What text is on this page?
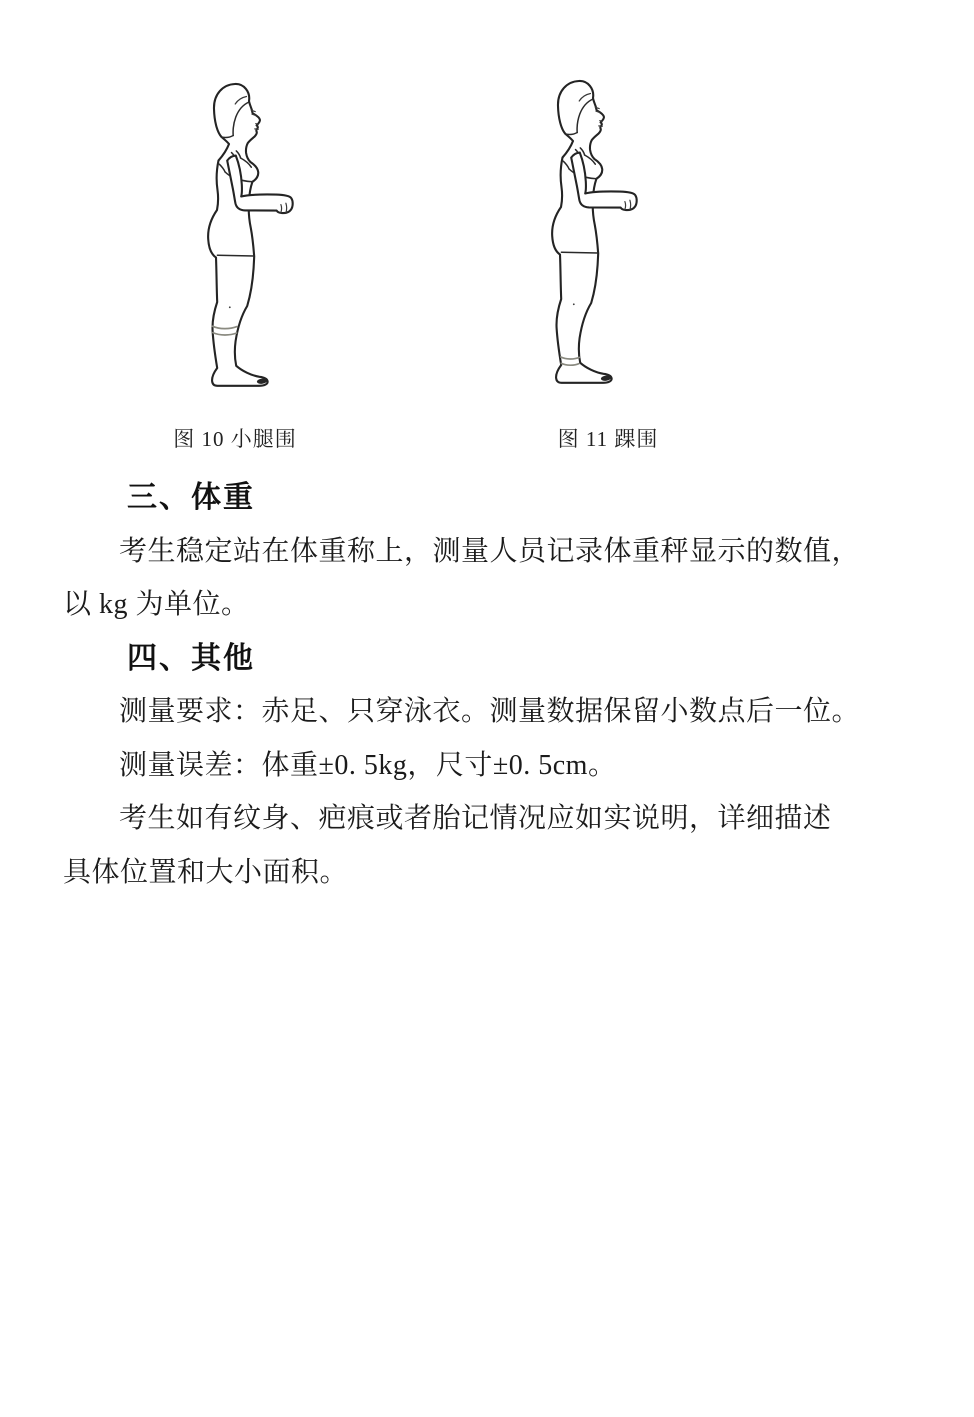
图 10 小腿围	图 11 踝围
三、体重
考生稳定站在体重称上，测量人员记录体重秤显示的数值，
以 kg 为单位。
四、其他
测量要求：赤足、只穿泳衣。测量数据保留小数点后一位。
测量误差：体重±0. 5kg，尺寸±0. 5cm。
考生如有纹身、疤痕或者胎记情况应如实说明，详细描述
具体位置和大小面积。
